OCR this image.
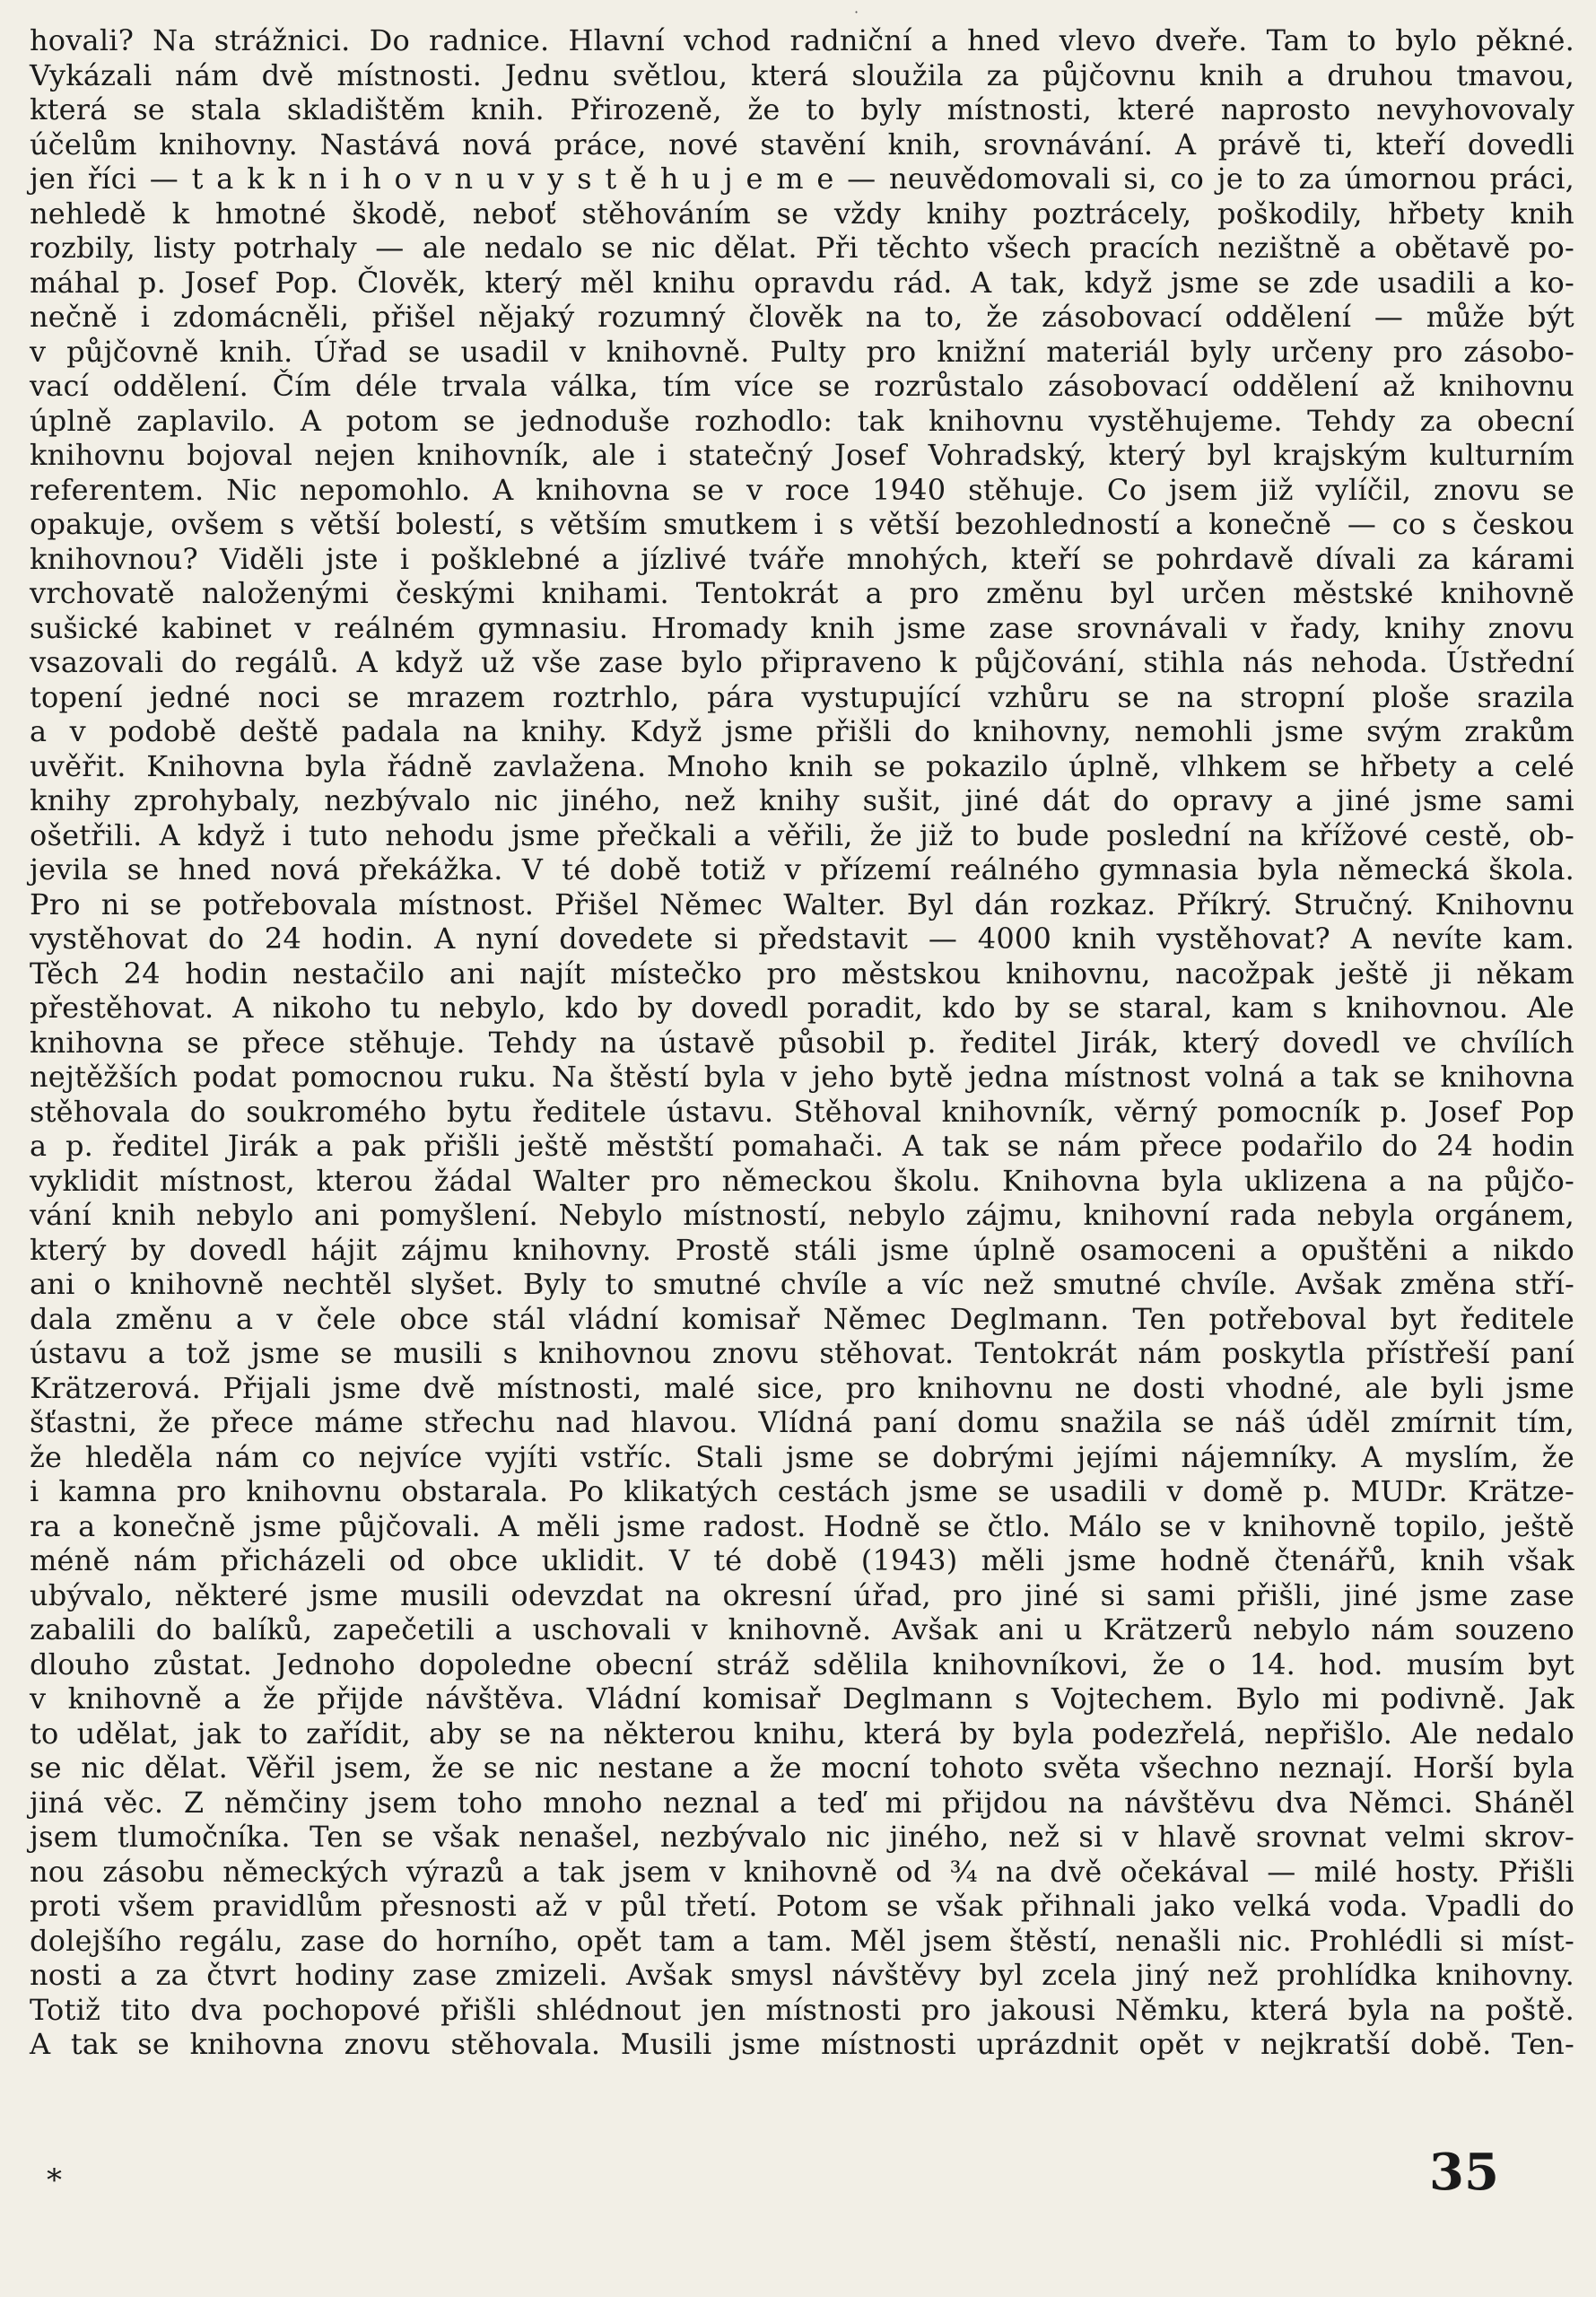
·
hovali? Na strážnici. Do radnice. Hlavní vchod radniční a hned vlevo dveře. Tam to bylo pěkné.
Vykázali nám dvě místnosti. Jednu světlou, která sloužila za půjčovnu knih a druhou tmavou,
která se stala skladištěm knih. Přirozeně, že to byly místnosti, které naprosto nevyhovovaly
účelům knihovny. Nastává nová práce, nové stavění knih, srovnávání. A právě ti, kteří dovedli
jen říci — t a k k n i h o v n u v y s t ě h u j e m e — neuvědomovali si, co je to za úmornou práci,
nehledě k hmotné škodě, neboť stěhováním se vždy knihy poztrácely, poškodily, hřbety knih
rozbily, listy potrhaly — ale nedalo se nic dělat. Při těchto všech pracích nezištně a obětavě po-
máhal p. Josef Pop. Člověk, který měl knihu opravdu rád. A tak, když jsme se zde usadili a ko-
nečně i zdomácněli, přišel nějaký rozumný člověk na to, že zásobovací oddělení — může být
v půjčovně knih. Úřad se usadil v knihovně. Pulty pro knižní materiál byly určeny pro zásobo-
vací oddělení. Čím déle trvala válka, tím více se rozrůstalo zásobovací oddělení až knihovnu
úplně zaplavilo. A potom se jednoduše rozhodlo: tak knihovnu vystěhujeme. Tehdy za obecní
knihovnu bojoval nejen knihovník, ale i statečný Josef Vohradský, který byl krajským kulturním
referentem. Nic nepomohlo. A knihovna se v roce 1940 stěhuje. Co jsem již vylíčil, znovu se
opakuje, ovšem s větší bolestí, s větším smutkem i s větší bezohledností a konečně — co s českou
knihovnou? Viděli jste i pošklebné a jízlivé tváře mnohých, kteří se pohrdavě dívali za kárami
vrchovatě naloženými českými knihami. Tentokrát a pro změnu byl určen městské knihovně
sušické kabinet v reálném gymnasiu. Hromady knih jsme zase srovnávali v řady, knihy znovu
vsazovali do regálů. A když už vše zase bylo připraveno k půjčování, stihla nás nehoda. Ústřední
topení jedné noci se mrazem roztrhlo, pára vystupující vzhůru se na stropní ploše srazila
a v podobě deště padala na knihy. Když jsme přišli do knihovny, nemohli jsme svým zrakům
uvěřit. Knihovna byla řádně zavlažena. Mnoho knih se pokazilo úplně, vlhkem se hřbety a celé
knihy zprohybaly, nezbývalo nic jiného, než knihy sušit, jiné dát do opravy a jiné jsme sami
ošetřili. A když i tuto nehodu jsme přečkali a věřili, že již to bude poslední na křížové cestě, ob-
jevila se hned nová překážka. V té době totiž v přízemí reálného gymnasia byla německá škola.
Pro ni se potřebovala místnost. Přišel Němec Walter. Byl dán rozkaz. Příkrý. Stručný. Knihovnu
vystěhovat do 24 hodin. A nyní dovedete si představit — 4000 knih vystěhovat? A nevíte kam.
Těch 24 hodin nestačilo ani najít místečko pro městskou knihovnu, nacožpak ještě ji někam
přestěhovat. A nikoho tu nebylo, kdo by dovedl poradit, kdo by se staral, kam s knihovnou. Ale
knihovna se přece stěhuje. Tehdy na ústavě působil p. ředitel Jirák, který dovedl ve chvílích
nejtěžších podat pomocnou ruku. Na štěstí byla v jeho bytě jedna místnost volná a tak se knihovna
stěhovala do soukromého bytu ředitele ústavu. Stěhoval knihovník, věrný pomocník p. Josef Pop
a p. ředitel Jirák a pak přišli ještě městští pomahači. A tak se nám přece podařilo do 24 hodin
vyklidit místnost, kterou žádal Walter pro německou školu. Knihovna byla uklizena a na půjčo-
vání knih nebylo ani pomyšlení. Nebylo místností, nebylo zájmu, knihovní rada nebyla orgánem,
který by dovedl hájit zájmu knihovny. Prostě stáli jsme úplně osamoceni a opuštěni a nikdo
ani o knihovně nechtěl slyšet. Byly to smutné chvíle a víc než smutné chvíle. Avšak změna stří-
dala změnu a v čele obce stál vládní komisař Němec Deglmann. Ten potřeboval byt ředitele
ústavu a tož jsme se musili s knihovnou znovu stěhovat. Tentokrát nám poskytla přístřeší paní
Krätzerová. Přijali jsme dvě místnosti, malé sice, pro knihovnu ne dosti vhodné, ale byli jsme
šťastni, že přece máme střechu nad hlavou. Vlídná paní domu snažila se náš úděl zmírnit tím,
že hleděla nám co nejvíce vyjíti vstříc. Stali jsme se dobrými jejími nájemníky. A myslím, že
i kamna pro knihovnu obstarala. Po klikatých cestách jsme se usadili v domě p. MUDr. Krätze-
ra a konečně jsme půjčovali. A měli jsme radost. Hodně se čtlo. Málo se v knihovně topilo, ještě
méně nám přicházeli od obce uklidit. V té době (1943) měli jsme hodně čtenářů, knih však
ubývalo, některé jsme musili odevzdat na okresní úřad, pro jiné si sami přišli, jiné jsme zase
zabalili do balíků, zapečetili a uschovali v knihovně. Avšak ani u Krätzerů nebylo nám souzeno
dlouho zůstat. Jednoho dopoledne obecní stráž sdělila knihovníkovi, že o 14. hod. musím byt
v knihovně a že přijde návštěva. Vládní komisař Deglmann s Vojtechem. Bylo mi podivně. Jak
to udělat, jak to zařídit, aby se na některou knihu, která by byla podezřelá, nepřišlo. Ale nedalo
se nic dělat. Věřil jsem, že se nic nestane a že mocní tohoto světa všechno neznají. Horší byla
jiná věc. Z němčiny jsem toho mnoho neznal a teď mi přijdou na návštěvu dva Němci. Sháněl
jsem tlumočníka. Ten se však nenašel, nezbývalo nic jiného, než si v hlavě srovnat velmi skrov-
nou zásobu německých výrazů a tak jsem v knihovně od ¾ na dvě očekával — milé hosty. Přišli
proti všem pravidlům přesnosti až v půl třetí. Potom se však přihnali jako velká voda. Vpadli do
dolejšího regálu, zase do horního, opět tam a tam. Měl jsem štěstí, nenašli nic. Prohlédli si míst-
nosti a za čtvrt hodiny zase zmizeli. Avšak smysl návštěvy byl zcela jiný než prohlídka knihovny.
Totiž tito dva pochopové přišli shlédnout jen místnosti pro jakousi Němku, která byla na poště.
A tak se knihovna znovu stěhovala. Musili jsme místnosti uprázdnit opět v nejkratší době. Ten-
*	35
